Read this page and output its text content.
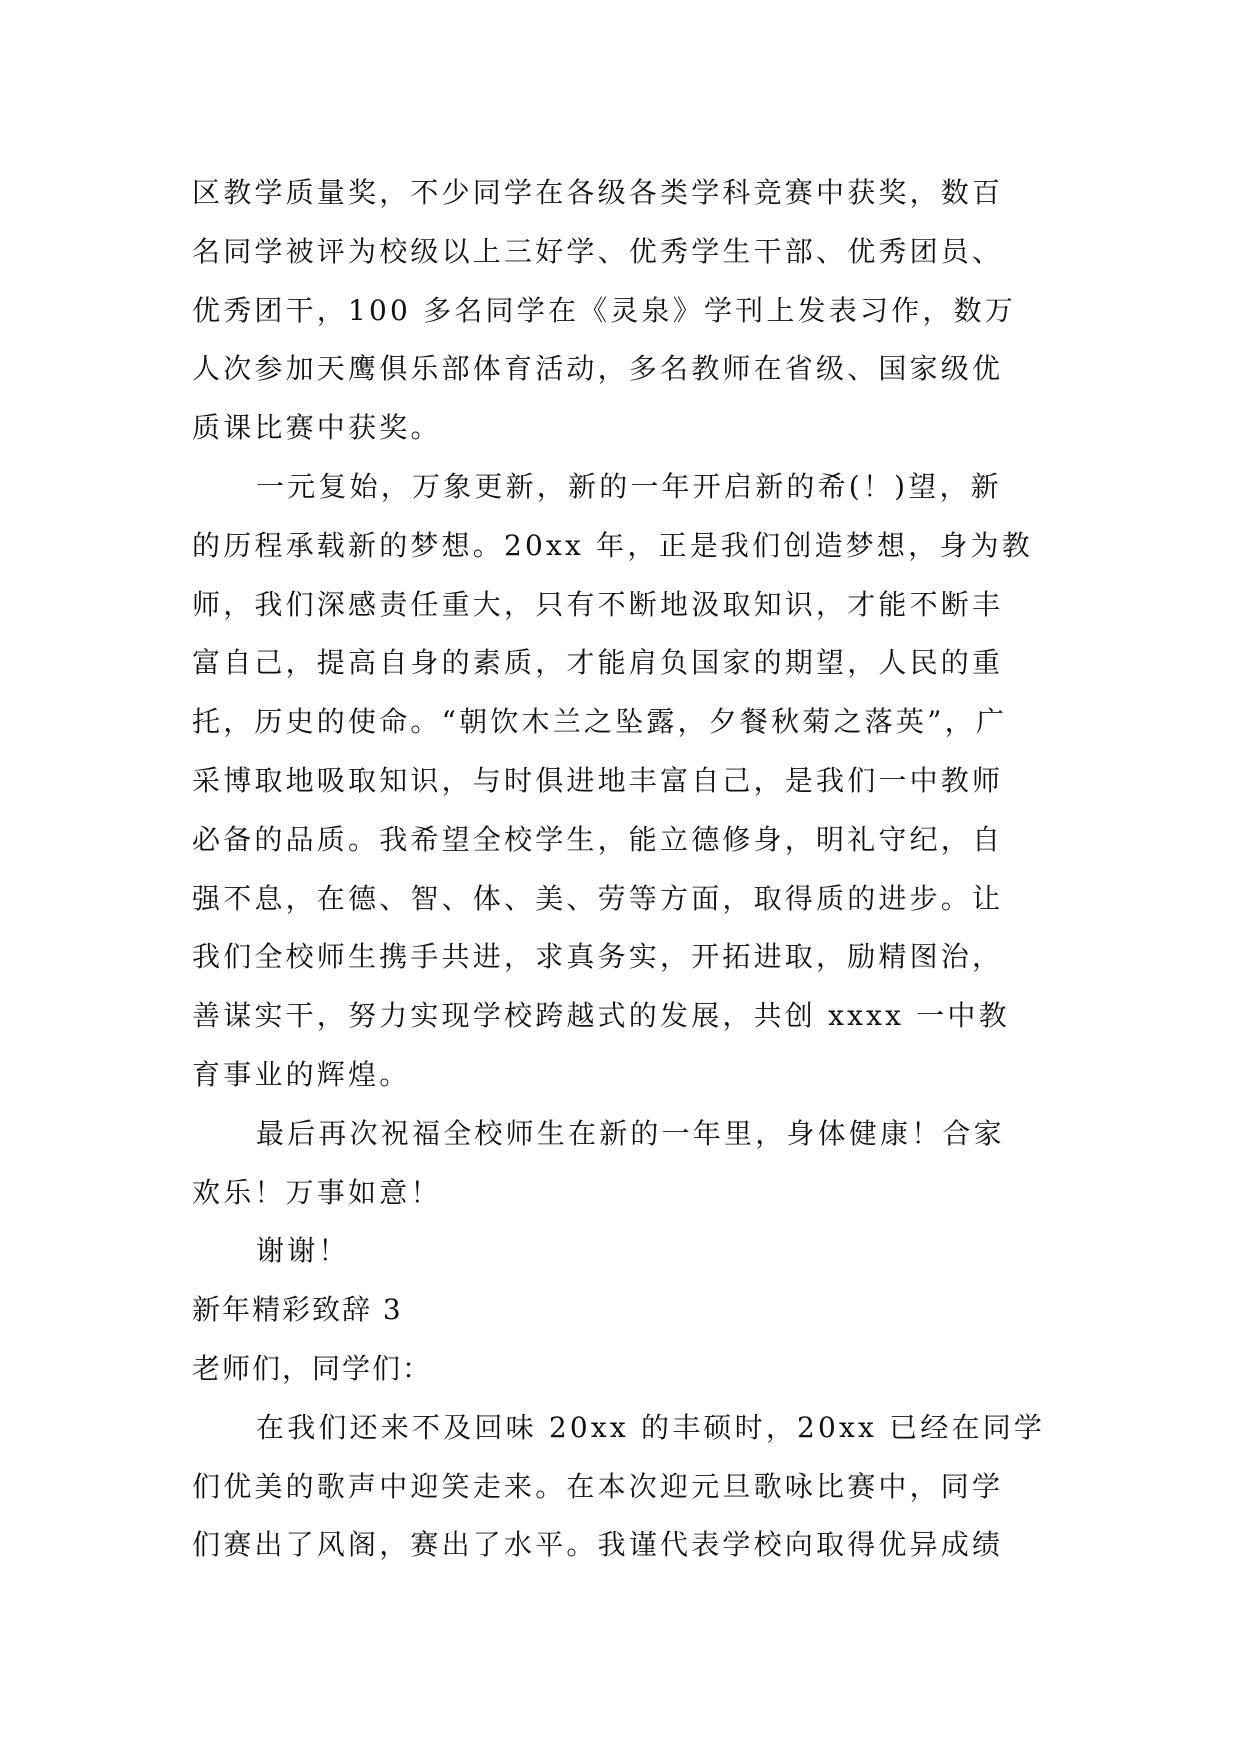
区教学质量奖，不少同学在各级各类学科竞赛中获奖，数百
名同学被评为校级以上三好学、优秀学生干部、优秀团员、
优秀团干，100 多名同学在《灵泉》学刊上发表习作，数万
人次参加天鹰俱乐部体育活动，多名教师在省级、国家级优
质课比赛中获奖。
一元复始，万象更新，新的一年开启新的希(！)望，新
的历程承载新的梦想。20xx 年，正是我们创造梦想，身为教
师，我们深感责任重大，只有不断地汲取知识，才能不断丰
富自己，提高自身的素质，才能肩负国家的期望，人民的重
托，历史的使命。“朝饮木兰之坠露，夕餐秋菊之落英”，广
采博取地吸取知识，与时俱进地丰富自己，是我们一中教师
必备的品质。我希望全校学生，能立德修身，明礼守纪，自
强不息，在德、智、体、美、劳等方面，取得质的进步。让
我们全校师生携手共进，求真务实，开拓进取，励精图治，
善谋实干，努力实现学校跨越式的发展，共创 xxxx 一中教
育事业的辉煌。
最后再次祝福全校师生在新的一年里，身体健康！合家
欢乐！万事如意！
谢谢！
新年精彩致辞 3
老师们，同学们：
在我们还来不及回味 20xx 的丰硕时，20xx 已经在同学
们优美的歌声中迎笑走来。在本次迎元旦歌咏比赛中，同学
们赛出了风阁，赛出了水平。我谨代表学校向取得优异成绩
